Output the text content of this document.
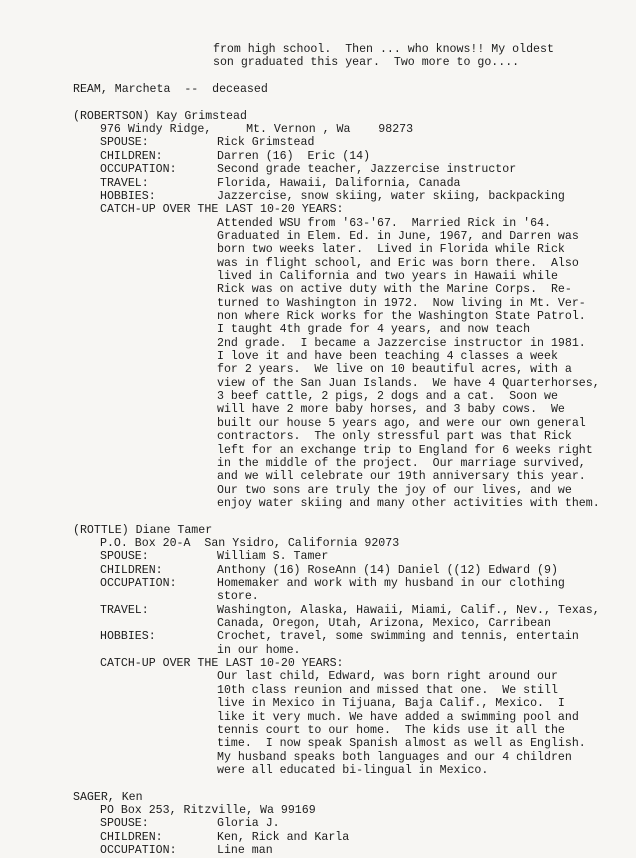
from high school.  Then ... who knows!! My oldest
son graduated this year.  Two more to go....
REAM, Marcheta  --  deceased
(ROBERTSON) Kay Grimstead
976 Windy Ridge,     Mt. Vernon , Wa    98273
SPOUSE:	Rick Grimstead
CHILDREN:	Darren (16)  Eric (14)
OCCUPATION:	Second grade teacher, Jazzercise instructor
TRAVEL:	Florida, Hawaii, Dalifornia, Canada
HOBBIES:	Jazzercise, snow skiing, water skiing, backpacking
CATCH-UP OVER THE LAST 10-20 YEARS:
Attended WSU from '63-'67.  Married Rick in '64.
Graduated in Elem. Ed. in June, 1967, and Darren was
born two weeks later.  Lived in Florida while Rick
was in flight school, and Eric was born there.  Also
lived in California and two years in Hawaii while
Rick was on active duty with the Marine Corps.  Re-
turned to Washington in 1972.  Now living in Mt. Ver-
non where Rick works for the Washington State Patrol.
I taught 4th grade for 4 years, and now teach
2nd grade.  I became a Jazzercise instructor in 1981.
I love it and have been teaching 4 classes a week
for 2 years.  We live on 10 beautiful acres, with a
view of the San Juan Islands.  We have 4 Quarterhorses,
3 beef cattle, 2 pigs, 2 dogs and a cat.  Soon we
will have 2 more baby horses, and 3 baby cows.  We
built our house 5 years ago, and were our own general
contractors.  The only stressful part was that Rick
left for an exchange trip to England for 6 weeks right
in the middle of the project.  Our marriage survived,
and we will celebrate our 19th anniversary this year.
Our two sons are truly the joy of our lives, and we
enjoy water skiing and many other activities with them.
(ROTTLE) Diane Tamer
P.O. Box 20-A  San Ysidro, California 92073
SPOUSE:	William S. Tamer
CHILDREN:	Anthony (16) RoseAnn (14) Daniel ((12) Edward (9)
OCCUPATION:	Homemaker and work with my husband in our clothing
store.
TRAVEL:	Washington, Alaska, Hawaii, Miami, Calif., Nev., Texas,
Canada, Oregon, Utah, Arizona, Mexico, Carribean
HOBBIES:	Crochet, travel, some swimming and tennis, entertain
in our home.
CATCH-UP OVER THE LAST 10-20 YEARS:
Our last child, Edward, was born right around our
10th class reunion and missed that one.  We still
live in Mexico in Tijuana, Baja Calif., Mexico.  I
like it very much. We have added a swimming pool and
tennis court to our home.  The kids use it all the
time.  I now speak Spanish almost as well as English.
My husband speaks both languages and our 4 children
were all educated bi-lingual in Mexico.
SAGER, Ken
PO Box 253, Ritzville, Wa 99169
SPOUSE:	Gloria J.
CHILDREN:	Ken, Rick and Karla
OCCUPATION:	Line man
